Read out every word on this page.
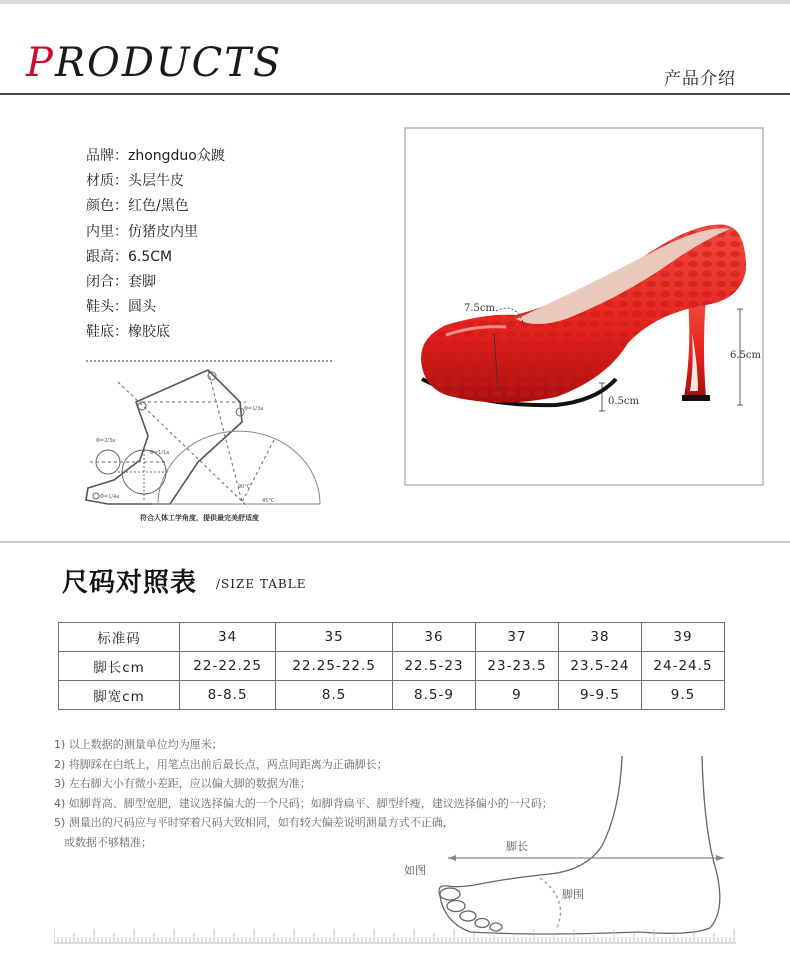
PRODUCTS	产品介绍
品牌：zhongduo众踱
材质：头层牛皮
颜色：红色/黑色
内里：仿猪皮内里
跟高：6.5CM
闭合：套脚
鞋头：圆头
鞋底：橡胶底
Φ=1/3a
Φ=2/3a
Φ=1/1a
Φ=1/4a
90°C
45°C
符合人体工学角度，提供最完美舒适度
7.5cm
6.5cm
0.5cm
尺码对照表 /SIZE TABLE
标准码	34	35	36	37	38	39
脚长cm	22-22.25	22.25-22.5	22.5-23	23-23.5	23.5-24	24-24.5
脚宽cm	8-8.5	8.5	8.5-9	9	9-9.5	9.5
1) 以上数据的测量单位均为厘米；
2) 将脚踩在白纸上，用笔点出前后最长点，两点间距离为正确脚长；
3) 左右脚大小有微小差距，应以偏大脚的数据为准；
4) 如脚背高、脚型宽肥，建议选择偏大的一个尺码；如脚背扁平、脚型纤瘦，建议选择偏小的一尺码；
5) 测量出的尺码应与平时穿着尺码大致相同，如有较大偏差说明测量方式不正确，
或数据不够精准；	脚长
脚围
如图
